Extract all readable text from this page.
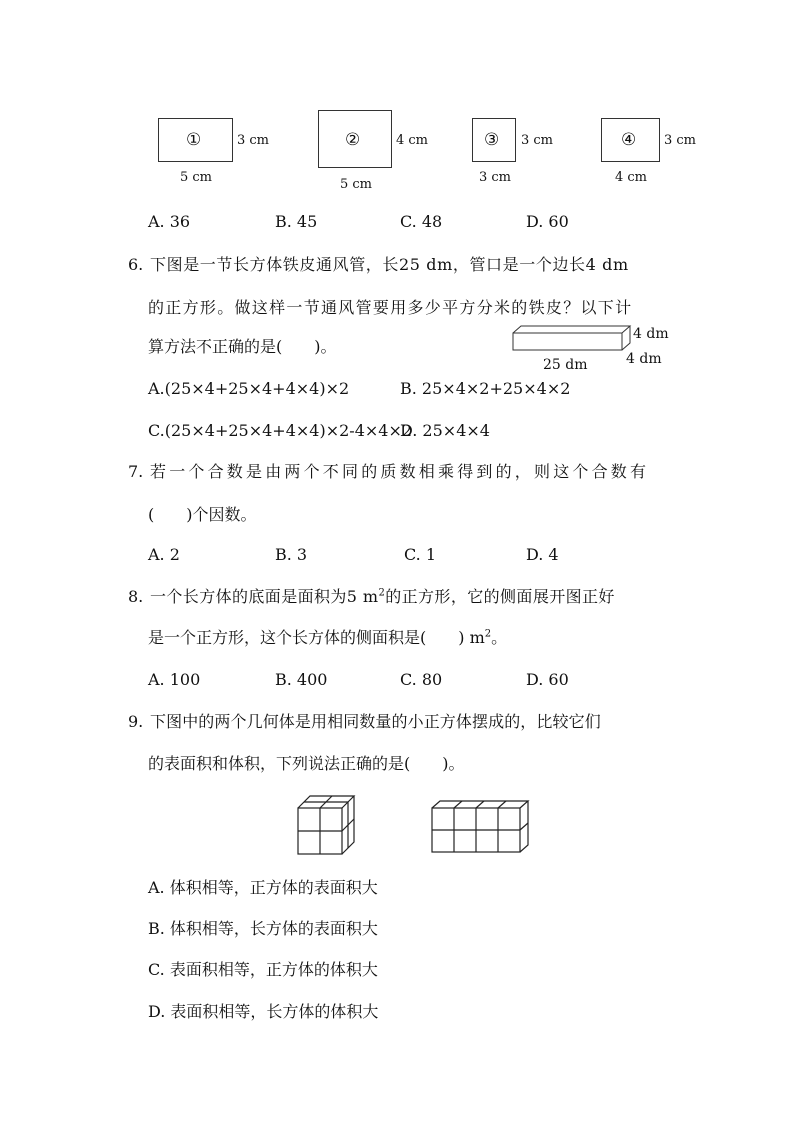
①	3 cm
5 cm
②	4 cm
5 cm
③ 3 cm
3 cm
④ 3 cm
4 cm
A. 36	B. 45	C. 48	D. 60
6. 下图是一节长方体铁皮通风管，长25 dm，管口是一个边长4 dm
的正方形。做这样一节通风管要用多少平方分米的铁皮？以下计
算方法不正确的是(　　)。
4 dm
4 dm
25 dm
A.(25×4+25×4+4×4)×2	B. 25×4×2+25×4×2
C.(25×4+25×4+4×4)×2-4×4×2
D. 25×4×4
7. 若一个合数是由两个不同的质数相乘得到的，则这个合数有
(　　)个因数。
A. 2	B. 3	C. 1	D. 4
8. 一个长方体的底面是面积为5 $m^2$的正方形，它的侧面展开图正好
是一个正方形，这个长方体的侧面积是(　　) $m^2$。
A. 100	B. 400	C. 80	D. 60
9. 下图中的两个几何体是用相同数量的小正方体摆成的，比较它们
的表面积和体积，下列说法正确的是(　　)。
A. 体积相等，正方体的表面积大
B. 体积相等，长方体的表面积大
C. 表面积相等，正方体的体积大
D. 表面积相等，长方体的体积大
